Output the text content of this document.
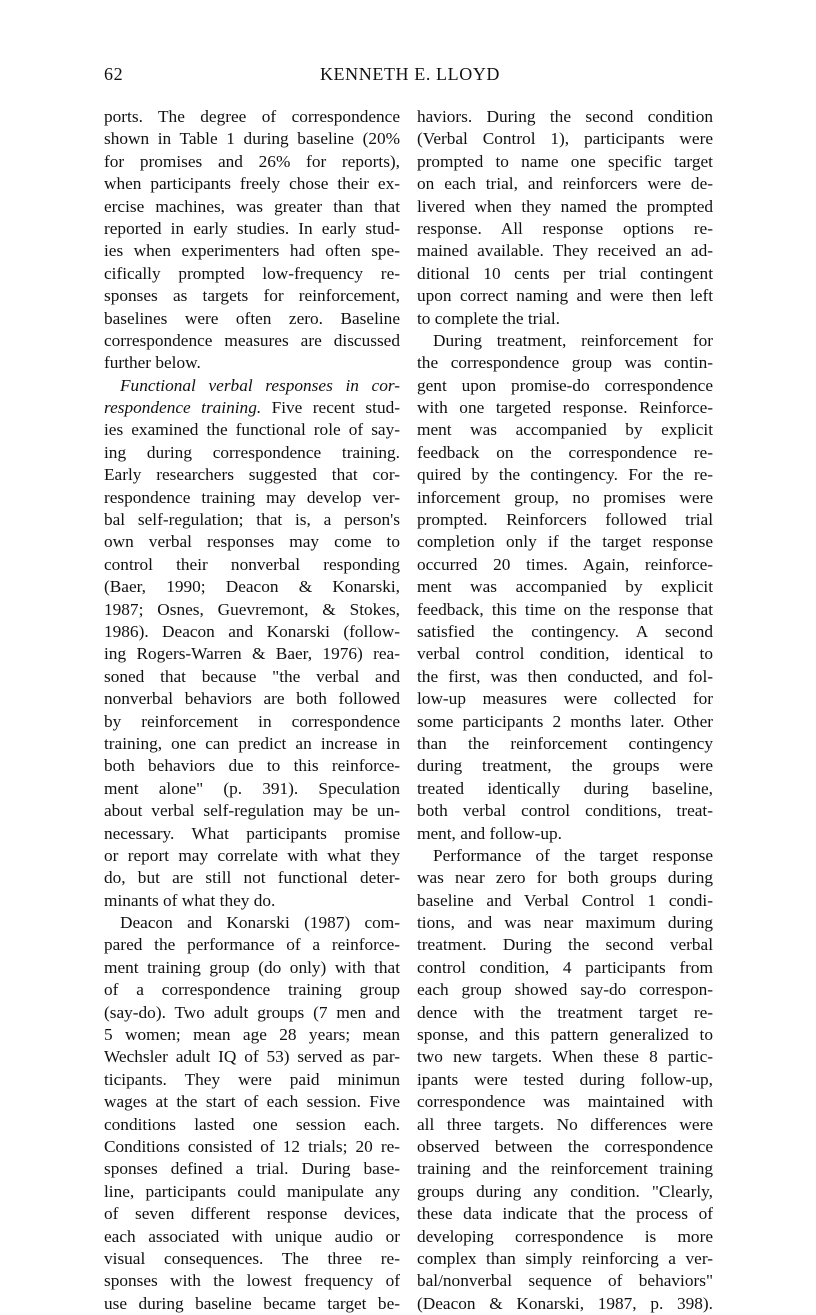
62	KENNETH E. LLOYD
ports. The degree of correspondence
shown in Table 1 during baseline (20%
for promises and 26% for reports),
when participants freely chose their ex-
ercise machines, was greater than that
reported in early studies. In early stud-
ies when experimenters had often spe-
cifically prompted low-frequency re-
sponses as targets for reinforcement,
baselines were often zero. Baseline
correspondence measures are discussed
further below.
Functional verbal responses in cor-
respondence training. Five recent stud-
ies examined the functional role of say-
ing during correspondence training.
Early researchers suggested that cor-
respondence training may develop ver-
bal self-regulation; that is, a person's
own verbal responses may come to
control their nonverbal responding
(Baer, 1990; Deacon & Konarski,
1987; Osnes, Guevremont, & Stokes,
1986). Deacon and Konarski (follow-
ing Rogers-Warren & Baer, 1976) rea-
soned that because "the verbal and
nonverbal behaviors are both followed
by reinforcement in correspondence
training, one can predict an increase in
both behaviors due to this reinforce-
ment alone" (p. 391). Speculation
about verbal self-regulation may be un-
necessary. What participants promise
or report may correlate with what they
do, but are still not functional deter-
minants of what they do.
Deacon and Konarski (1987) com-
pared the performance of a reinforce-
ment training group (do only) with that
of a correspondence training group
(say-do). Two adult groups (7 men and
5 women; mean age 28 years; mean
Wechsler adult IQ of 53) served as par-
ticipants. They were paid minimun
wages at the start of each session. Five
conditions lasted one session each.
Conditions consisted of 12 trials; 20 re-
sponses defined a trial. During base-
line, participants could manipulate any
of seven different response devices,
each associated with unique audio or
visual consequences. The three re-
sponses with the lowest frequency of
use during baseline became target be-
haviors. During the second condition
(Verbal Control 1), participants were
prompted to name one specific target
on each trial, and reinforcers were de-
livered when they named the prompted
response. All response options re-
mained available. They received an ad-
ditional 10 cents per trial contingent
upon correct naming and were then left
to complete the trial.
During treatment, reinforcement for
the correspondence group was contin-
gent upon promise-do correspondence
with one targeted response. Reinforce-
ment was accompanied by explicit
feedback on the correspondence re-
quired by the contingency. For the re-
inforcement group, no promises were
prompted. Reinforcers followed trial
completion only if the target response
occurred 20 times. Again, reinforce-
ment was accompanied by explicit
feedback, this time on the response that
satisfied the contingency. A second
verbal control condition, identical to
the first, was then conducted, and fol-
low-up measures were collected for
some participants 2 months later. Other
than the reinforcement contingency
during treatment, the groups were
treated identically during baseline,
both verbal control conditions, treat-
ment, and follow-up.
Performance of the target response
was near zero for both groups during
baseline and Verbal Control 1 condi-
tions, and was near maximum during
treatment. During the second verbal
control condition, 4 participants from
each group showed say-do correspon-
dence with the treatment target re-
sponse, and this pattern generalized to
two new targets. When these 8 partic-
ipants were tested during follow-up,
correspondence was maintained with
all three targets. No differences were
observed between the correspondence
training and the reinforcement training
groups during any condition. "Clearly,
these data indicate that the process of
developing correspondence is more
complex than simply reinforcing a ver-
bal/nonverbal sequence of behaviors"
(Deacon & Konarski, 1987, p. 398).
